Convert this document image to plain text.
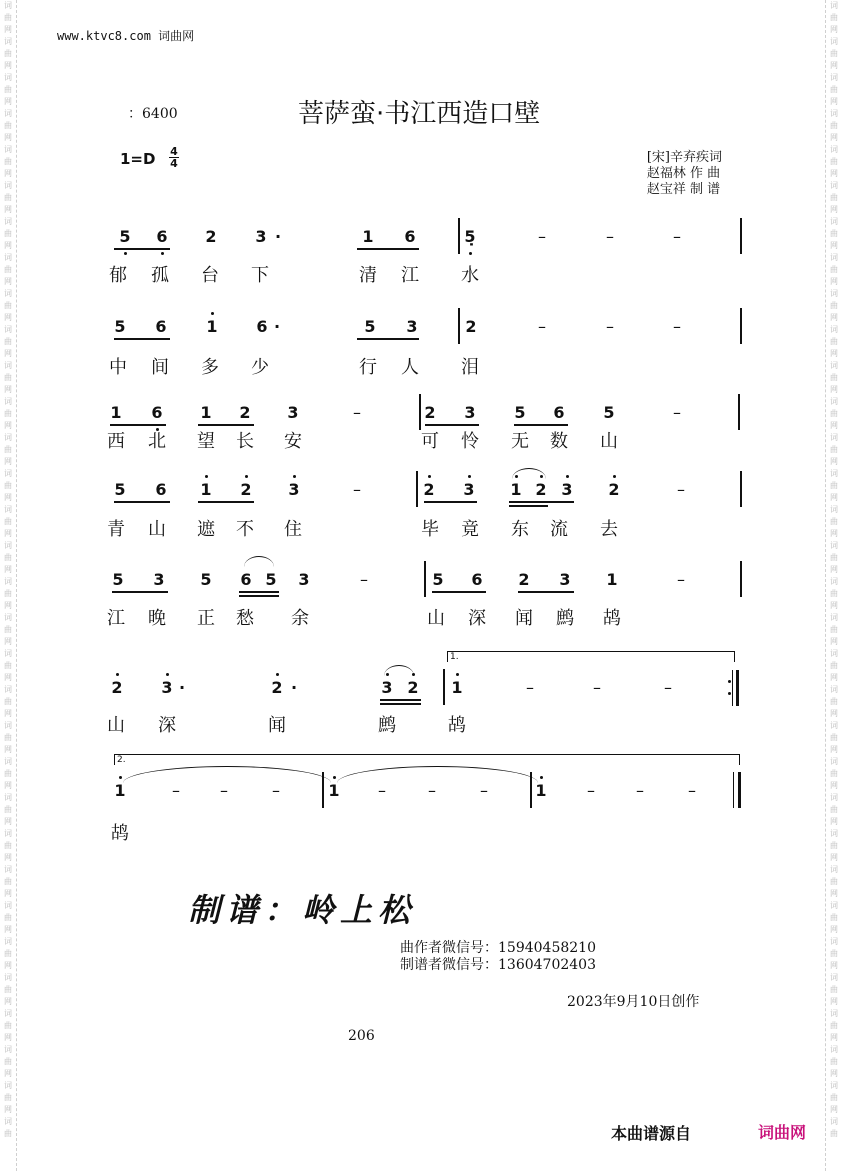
词
曲
网
词
曲
网
词
曲
网
词
曲
网
词
曲
网
词
曲
网
词
曲
网
词
曲
网
词
曲
网
词
曲
网
词
曲
网
词
曲
网
词
曲
网
词
曲
网
词
曲
网
词
曲
网
词
曲
网
词
曲
网
词
曲
网
词
曲
网
词
曲
网
词
曲
网
词
曲
网
词
曲
网
词
曲
网
词
曲
网
词
曲
网
词
曲
网
词
曲
网
词
曲
网
词
曲
网
词
曲
词
曲
网
词
曲
网
词
曲
网
词
曲
网
词
曲
网
词
曲
网
词
曲
网
词
曲
网
词
曲
网
词
曲
网
词
曲
网
词
曲
网
词
曲
网
词
曲
网
词
曲
网
词
曲
网
词
曲
网
词
曲
网
词
曲
网
词
曲
网
词
曲
网
词
曲
网
词
曲
网
词
曲
网
词
曲
网
词
曲
网
词
曲
网
词
曲
网
词
曲
网
词
曲
网
词
曲
网
词
曲
www.ktvc8.com 词曲网
：6400	菩萨蛮·书江西造口壁
1=D 4
4	[宋]辛弃疾词
赵福林 作 曲
赵宝祥 制 谱
5 6 2 3 ·	1 6	5̣	–	–	–
郁 孤 台 下	清 江 水
5 6 1 6 ·	5 3	2	–	–	–
中 间 多 少	行 人 泪
1 6 1 2 3	–	2 3 5 6 5	–
西 北 望 长 安	可 怜 无 数 山
5 6 1 2 3	–	2 3 1 2 3 2	–
青 山 遮 不 住	毕 竟 东 流 去
5 3 5 6 5 3	–	5 6 2 3 1	–
江 晚 正 愁 余	山 深 闻 鹧 鸪
2 3 ·	2 ·	3 2 1	–	–	–
山 深	闻	鹧	鸪
1	–	–	–	1 –	–	–	1	–	–	–
鸪
1.
2.
制谱：岭上松
曲作者微信号：15940458210
制谱者微信号：13604702403
2023年9月10日创作
206
本曲谱源自	词曲网
